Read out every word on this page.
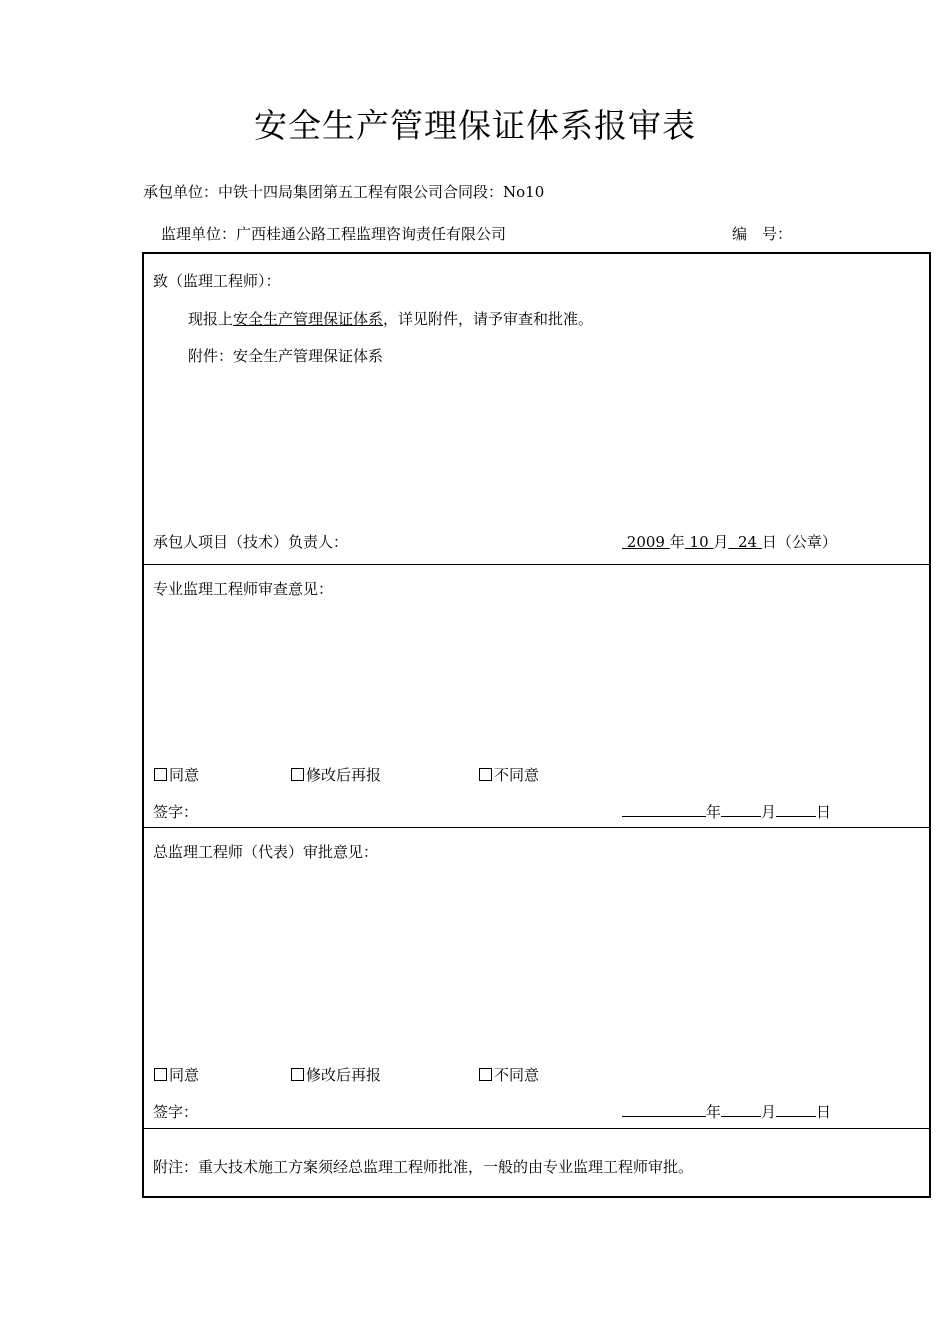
安全生产管理保证体系报审表
承包单位：中铁十四局集团第五工程有限公司合同段：No10
监理单位：广西桂通公路工程监理咨询责任有限公司	编　号：
致（监理工程师）：
现报上安全生产管理保证体系，详见附件，请予审查和批准。
附件：安全生产管理保证体系
承包人项目（技术）负责人：	2009 年 10 月 24 日（公章）
专业监理工程师审查意见：
同意	修改后再报	不同意
签字：	年	月	日
总监理工程师（代表）审批意见：
同意	修改后再报	不同意
签字：	年	月	日
附注：重大技术施工方案须经总监理工程师批准，一般的由专业监理工程师审批。
